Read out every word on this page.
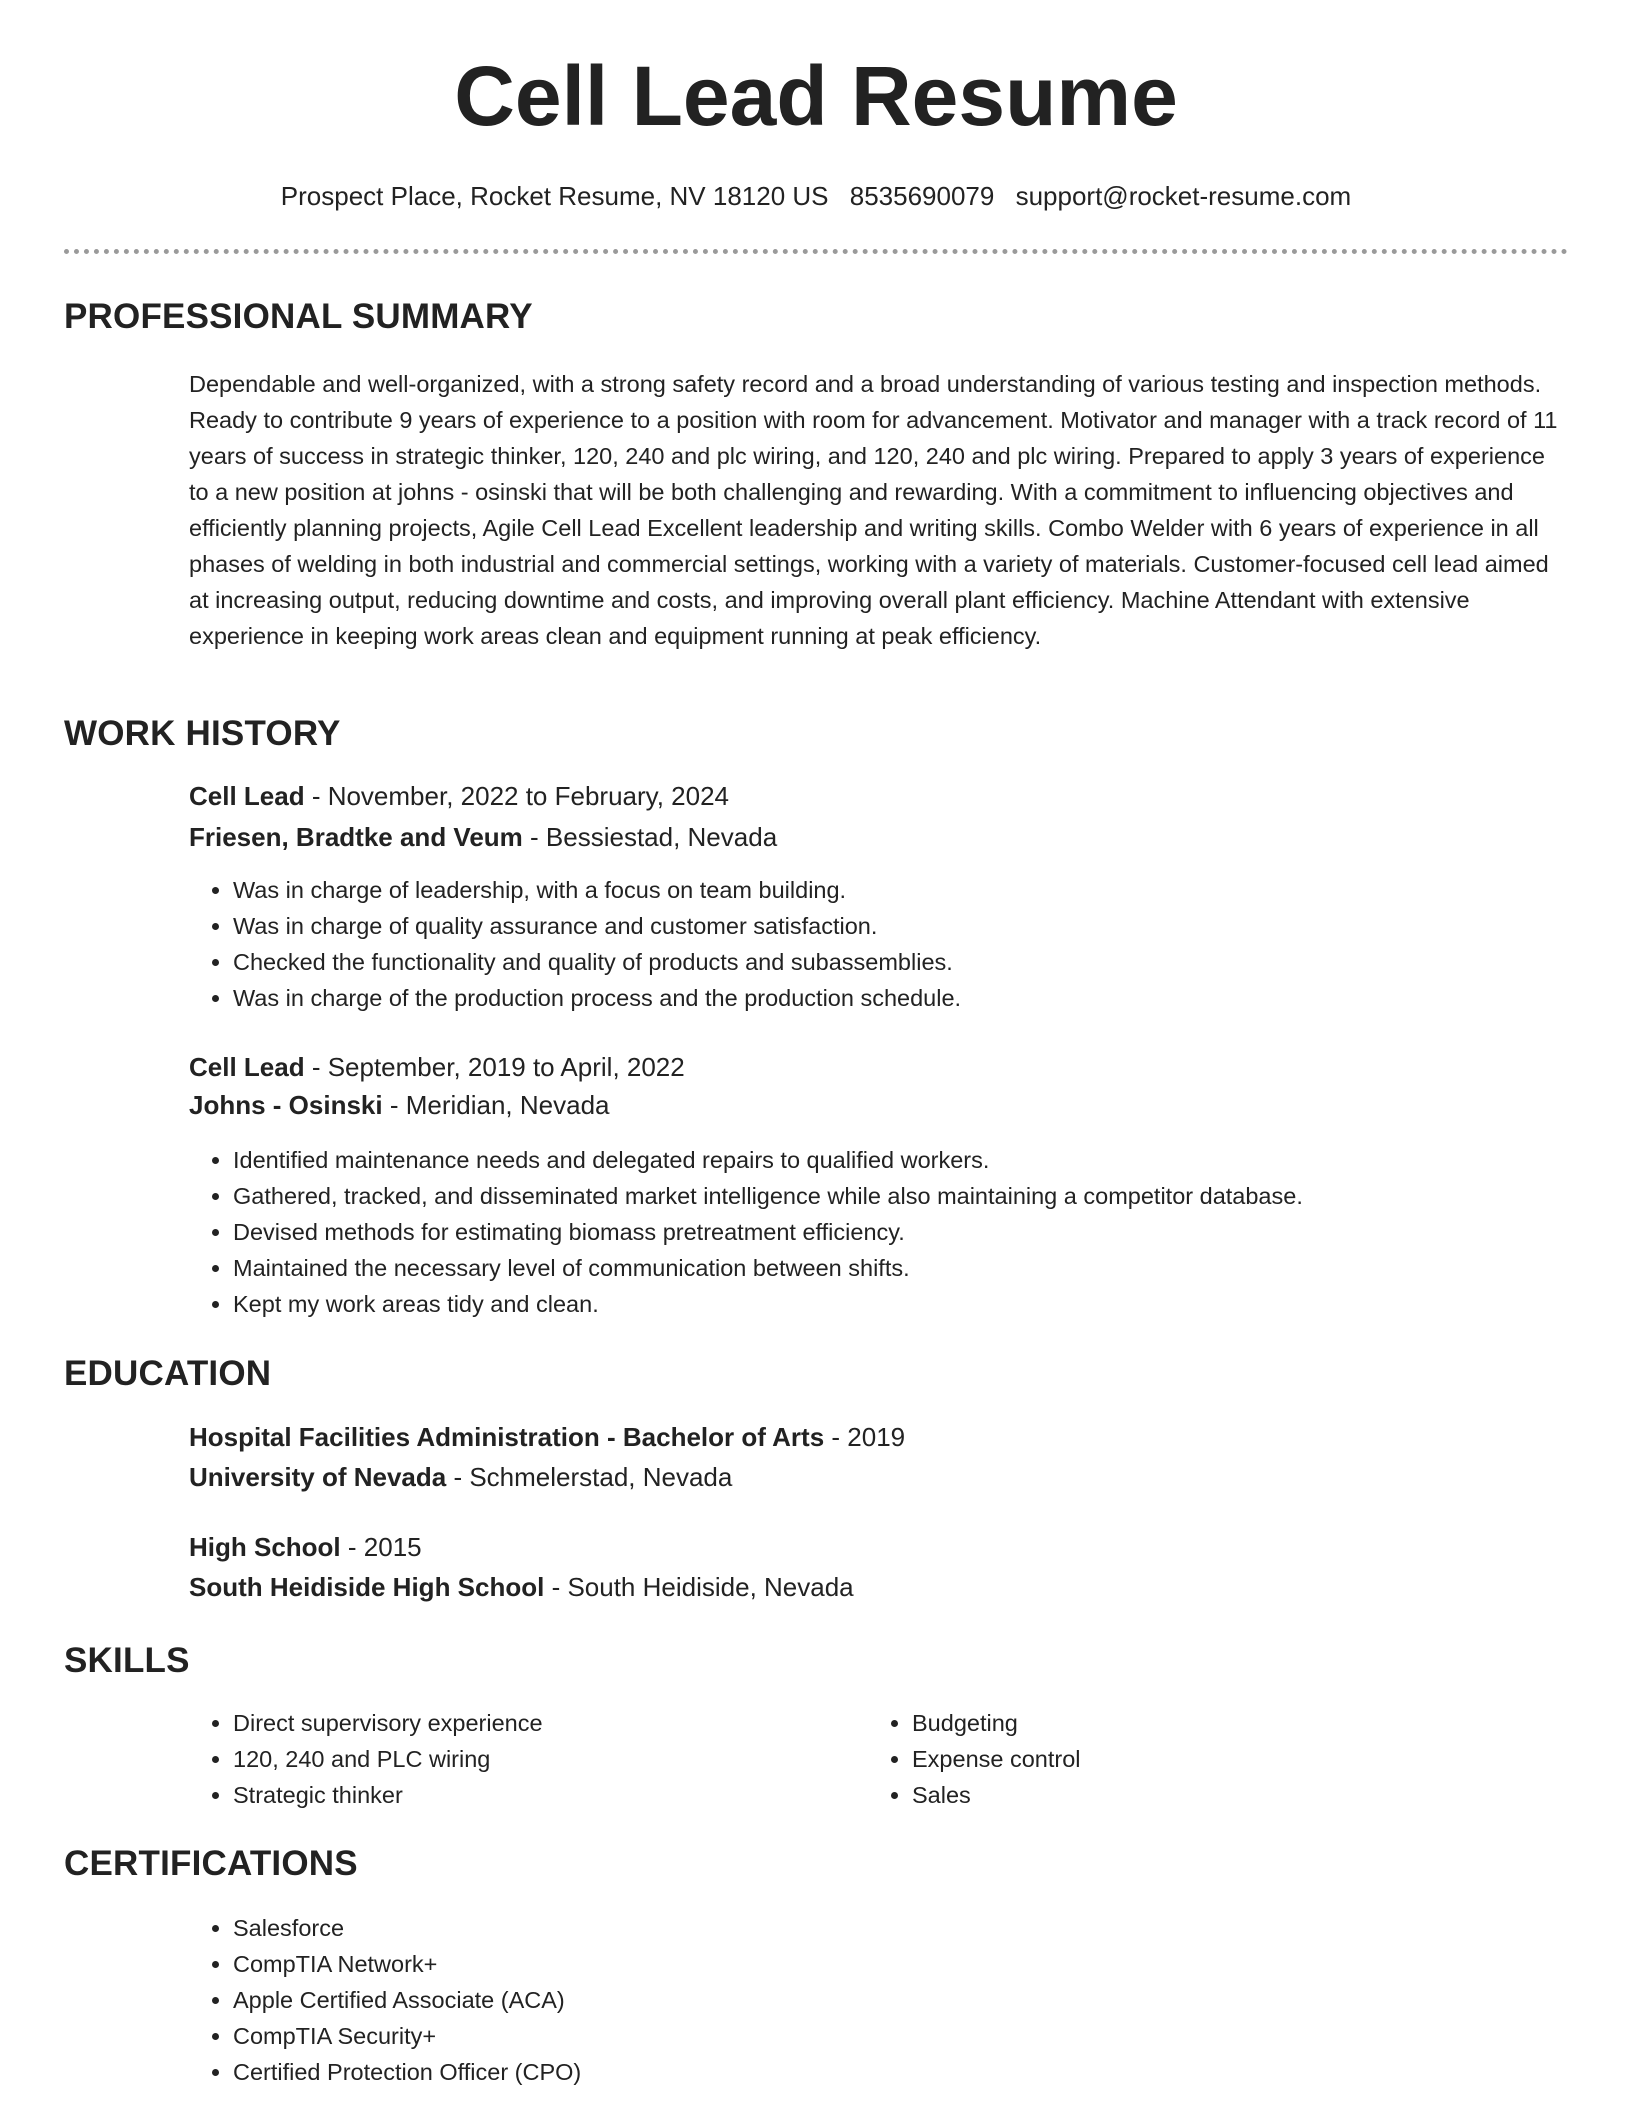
Cell Lead Resume
Prospect Place, Rocket Resume, NV 18120 US 8535690079 support@rocket-resume.com
PROFESSIONAL SUMMARY

Dependable and well-organized, with a strong safety record and a broad understanding of various testing and inspection methods. Ready to contribute 9 years of experience to a position with room for advancement. Motivator and manager with a track record of 11 years of success in strategic thinker, 120, 240 and plc wiring, and 120, 240 and plc wiring. Prepared to apply 3 years of experience to a new position at johns - osinski that will be both challenging and rewarding. With a commitment to influencing objectives and efficiently planning projects, Agile Cell Lead Excellent leadership and writing skills. Combo Welder with 6 years of experience in all phases of welding in both industrial and commercial settings, working with a variety of materials. Customer-focused cell lead aimed at increasing output, reducing downtime and costs, and improving overall plant efficiency. Machine Attendant with extensive experience in keeping work areas clean and equipment running at peak efficiency.

WORK HISTORY
Cell Lead - November, 2022 to February, 2024
Friesen, Bradtke and Veum - Bessiestad, Nevada
• Was in charge of leadership, with a focus on team building.
• Was in charge of quality assurance and customer satisfaction.
• Checked the functionality and quality of products and subassemblies.
• Was in charge of the production process and the production schedule.
Cell Lead - September, 2019 to April, 2022
Johns - Osinski - Meridian, Nevada
• Identified maintenance needs and delegated repairs to qualified workers.
• Gathered, tracked, and disseminated market intelligence while also maintaining a competitor database.
• Devised methods for estimating biomass pretreatment efficiency.
• Maintained the necessary level of communication between shifts.
• Kept my work areas tidy and clean.
EDUCATION
Hospital Facilities Administration - Bachelor of Arts - 2019
University of Nevada - Schmelerstad, Nevada
High School - 2015
South Heidiside High School - South Heidiside, Nevada
SKILLS
• Direct supervisory experience
• 120, 240 and PLC wiring
• Strategic thinker
• Budgeting
• Expense control
• Sales
CERTIFICATIONS
• Salesforce
• CompTIA Network+
• Apple Certified Associate (ACA)
• CompTIA Security+
• Certified Protection Officer (CPO)
